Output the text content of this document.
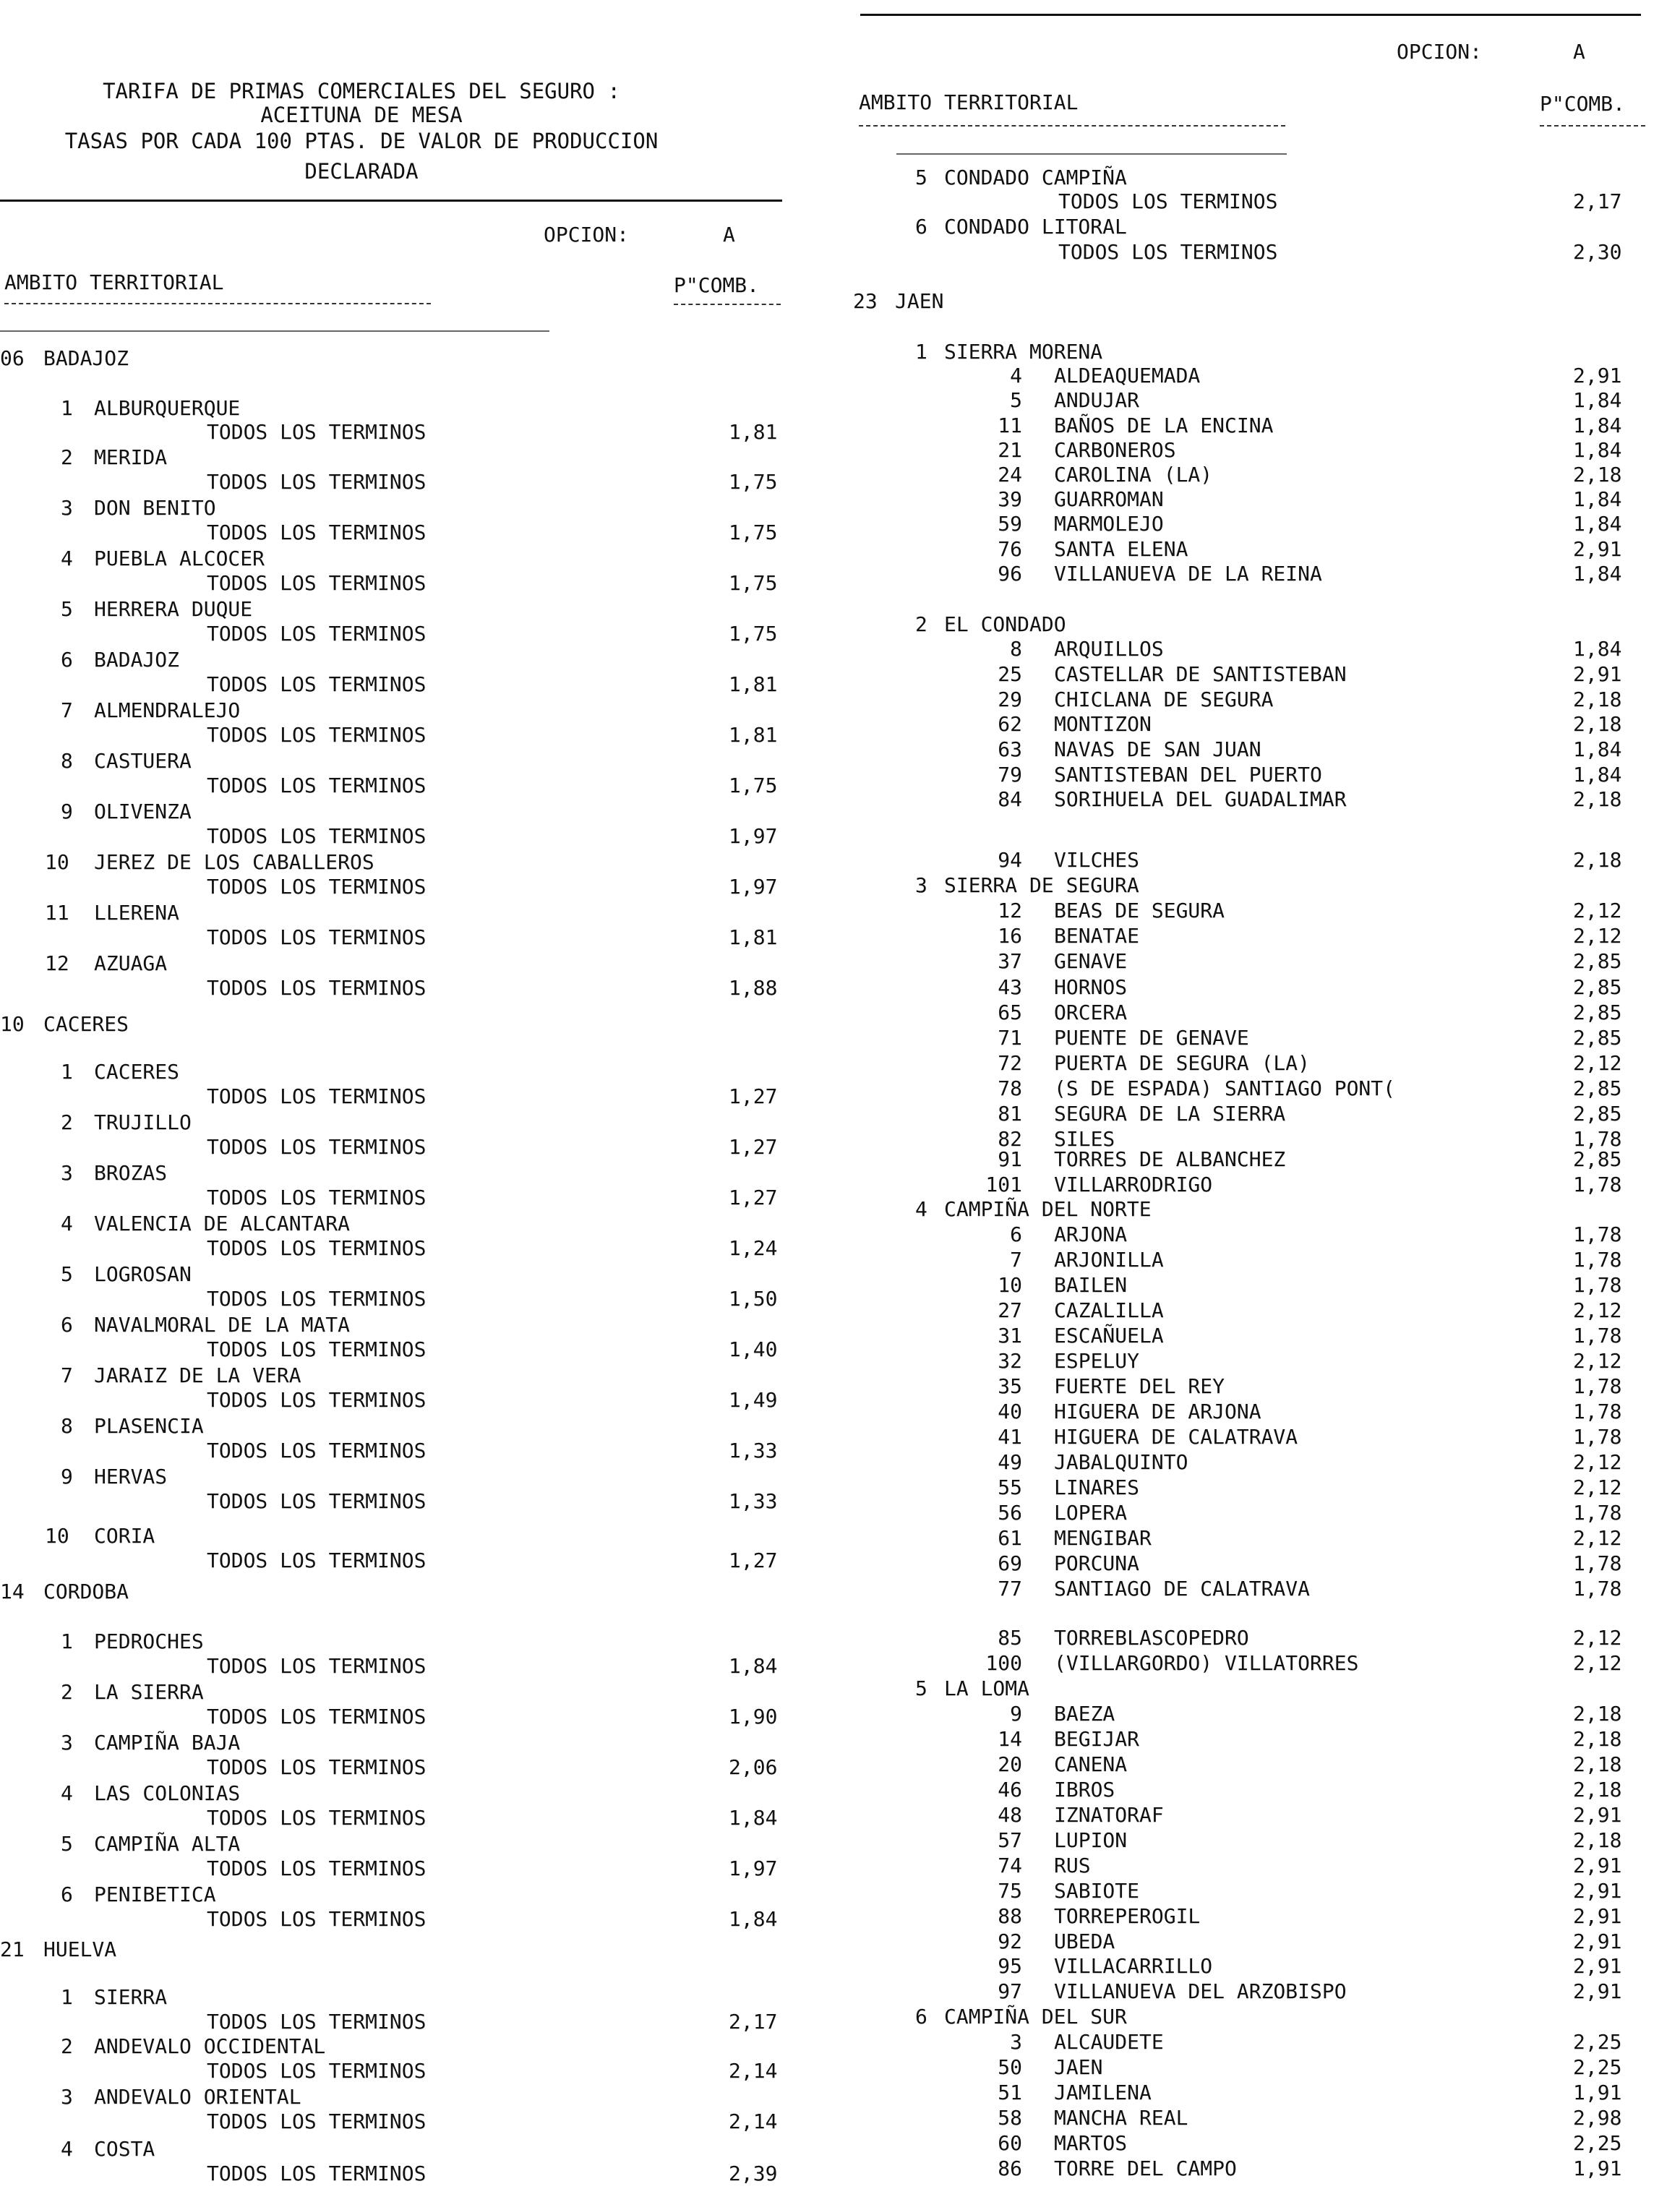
TARIFA DE PRIMAS COMERCIALES DEL SEGURO :
ACEITUNA DE MESA
TASAS POR CADA 100 PTAS. DE VALOR DE PRODUCCION
DECLARADA
OPCION:	A
AMBITO TERRITORIAL	P"COMB.
06 BADAJOZ
1 ALBURQUERQUE
TODOS LOS TERMINOS	1,81
2 MERIDA
TODOS LOS TERMINOS	1,75
3 DON BENITO
TODOS LOS TERMINOS	1,75
4 PUEBLA ALCOCER
TODOS LOS TERMINOS	1,75
5 HERRERA DUQUE
TODOS LOS TERMINOS	1,75
6 BADAJOZ
TODOS LOS TERMINOS	1,81
7 ALMENDRALEJO
TODOS LOS TERMINOS	1,81
8 CASTUERA
TODOS LOS TERMINOS	1,75
9 OLIVENZA
TODOS LOS TERMINOS	1,97
10 JEREZ DE LOS CABALLEROS
TODOS LOS TERMINOS	1,97
11 LLERENA
TODOS LOS TERMINOS	1,81
12 AZUAGA
TODOS LOS TERMINOS	1,88
10 CACERES
1 CACERES
TODOS LOS TERMINOS	1,27
2 TRUJILLO
TODOS LOS TERMINOS	1,27
3 BROZAS
TODOS LOS TERMINOS	1,27
4 VALENCIA DE ALCANTARA
TODOS LOS TERMINOS	1,24
5 LOGROSAN
TODOS LOS TERMINOS	1,50
6 NAVALMORAL DE LA MATA
TODOS LOS TERMINOS	1,40
7 JARAIZ DE LA VERA
TODOS LOS TERMINOS	1,49
8 PLASENCIA
TODOS LOS TERMINOS	1,33
9 HERVAS
TODOS LOS TERMINOS	1,33
10 CORIA
TODOS LOS TERMINOS	1,27
14 CORDOBA
1 PEDROCHES
TODOS LOS TERMINOS	1,84
2 LA SIERRA
TODOS LOS TERMINOS	1,90
3 CAMPIÑA BAJA
TODOS LOS TERMINOS	2,06
4 LAS COLONIAS
TODOS LOS TERMINOS	1,84
5 CAMPIÑA ALTA
TODOS LOS TERMINOS	1,97
6 PENIBETICA
TODOS LOS TERMINOS	1,84
21 HUELVA
1 SIERRA
TODOS LOS TERMINOS	2,17
2 ANDEVALO OCCIDENTAL
TODOS LOS TERMINOS	2,14
3 ANDEVALO ORIENTAL
TODOS LOS TERMINOS	2,14
4 COSTA
TODOS LOS TERMINOS	2,39
OPCION:	A
AMBITO TERRITORIAL	P"COMB.
5 CONDADO CAMPIÑA
TODOS LOS TERMINOS	2,17
6 CONDADO LITORAL
TODOS LOS TERMINOS	2,30
23 JAEN
1 SIERRA MORENA
4 ALDEAQUEMADA	2,91
5 ANDUJAR	1,84
11 BAÑOS DE LA ENCINA	1,84
21 CARBONEROS	1,84
24 CAROLINA (LA)	2,18
39 GUARROMAN	1,84
59 MARMOLEJO	1,84
76 SANTA ELENA	2,91
96 VILLANUEVA DE LA REINA	1,84
2 EL CONDADO
8 ARQUILLOS	1,84
25 CASTELLAR DE SANTISTEBAN	2,91
29 CHICLANA DE SEGURA	2,18
62 MONTIZON	2,18
63 NAVAS DE SAN JUAN	1,84
79 SANTISTEBAN DEL PUERTO	1,84
84 SORIHUELA DEL GUADALIMAR	2,18
94 VILCHES	2,18
3 SIERRA DE SEGURA
12 BEAS DE SEGURA	2,12
16 BENATAE	2,12
37 GENAVE	2,85
43 HORNOS	2,85
65 ORCERA	2,85
71 PUENTE DE GENAVE	2,85
72 PUERTA DE SEGURA (LA)	2,12
78 (S DE ESPADA) SANTIAGO PONT(	2,85
81 SEGURA DE LA SIERRA	2,85
82 SILES	1,78
91 TORRES DE ALBANCHEZ	2,85
101 VILLARRODRIGO	1,78
4 CAMPIÑA DEL NORTE
6 ARJONA	1,78
7 ARJONILLA	1,78
10 BAILEN	1,78
27 CAZALILLA	2,12
31 ESCAÑUELA	1,78
32 ESPELUY	2,12
35 FUERTE DEL REY	1,78
40 HIGUERA DE ARJONA	1,78
41 HIGUERA DE CALATRAVA	1,78
49 JABALQUINTO	2,12
55 LINARES	2,12
56 LOPERA	1,78
61 MENGIBAR	2,12
69 PORCUNA	1,78
77 SANTIAGO DE CALATRAVA	1,78
85 TORREBLASCOPEDRO	2,12
100 (VILLARGORDO) VILLATORRES	2,12
5 LA LOMA
9 BAEZA	2,18
14 BEGIJAR	2,18
20 CANENA	2,18
46 IBROS	2,18
48 IZNATORAF	2,91
57 LUPION	2,18
74 RUS	2,91
75 SABIOTE	2,91
88 TORREPEROGIL	2,91
92 UBEDA	2,91
95 VILLACARRILLO	2,91
97 VILLANUEVA DEL ARZOBISPO	2,91
6 CAMPIÑA DEL SUR
3 ALCAUDETE	2,25
50 JAEN	2,25
51 JAMILENA	1,91
58 MANCHA REAL	2,98
60 MARTOS	2,25
86 TORRE DEL CAMPO	1,91
